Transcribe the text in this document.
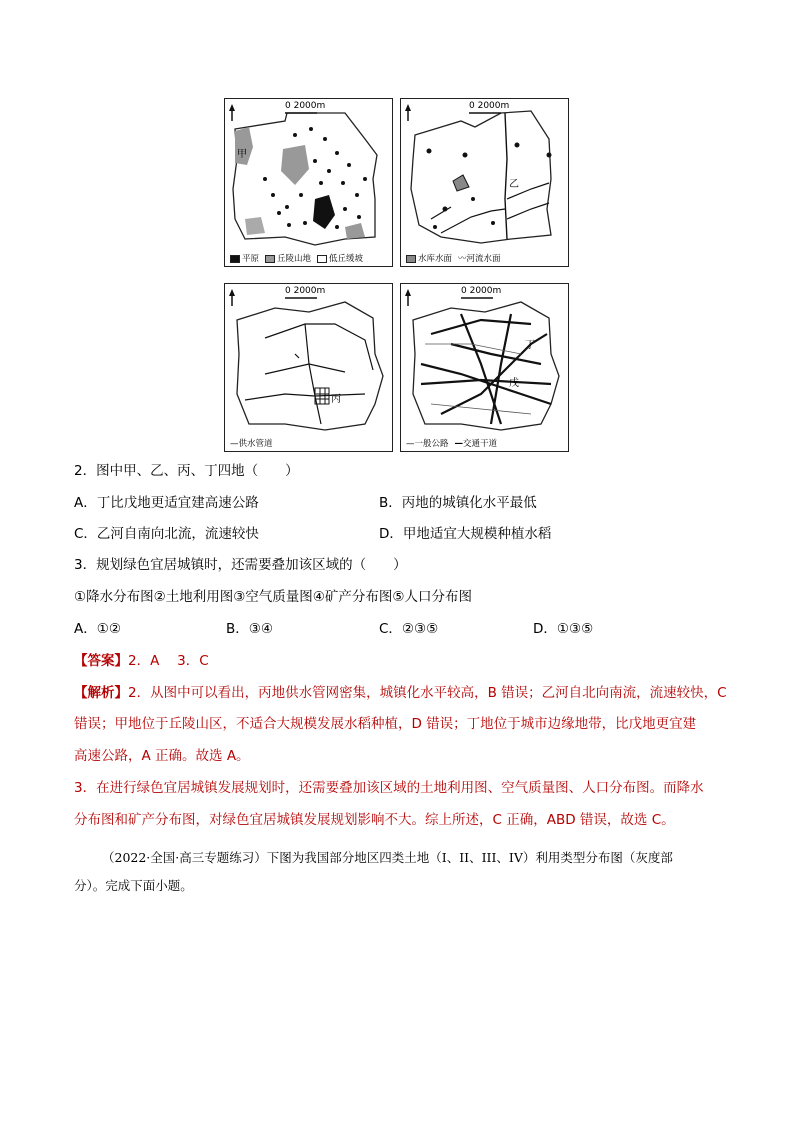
0 2000m
甲
平原	丘陵山地	低丘缓坡
0 2000m
乙
水库水面 〰河流水面
0 2000m
丙
—供水管道
0 2000m
丁
戊
—一般公路 —交通干道
2．图中甲、乙、丙、丁四地（　　）
A．丁比戊地更适宜建高速公路	B．丙地的城镇化水平最低
C．乙河自南向北流，流速较快	D．甲地适宜大规模种植水稻
3．规划绿色宜居城镇时，还需要叠加该区域的（　　）
①降水分布图②土地利用图③空气质量图④矿产分布图⑤人口分布图
A．①②	B．③④	C．②③⑤	D．①③⑤
【答案】2．A　 3．C
【解析】2．从图中可以看出，丙地供水管网密集，城镇化水平较高，B 错误；乙河自北向南流，流速较快，C
错误；甲地位于丘陵山区，不适合大规模发展水稻种植，D 错误；丁地位于城市边缘地带，比戊地更宜建
高速公路，A 正确。故选 A。
3．在进行绿色宜居城镇发展规划时，还需要叠加该区域的土地利用图、空气质量图、人口分布图。而降水
分布图和矿产分布图，对绿色宜居城镇发展规划影响不大。综上所述，C 正确，ABD 错误，故选 C。
（2022·全国·高三专题练习）下图为我国部分地区四类土地（I、II、III、IV）利用类型分布图（灰度部
分）。完成下面小题。
